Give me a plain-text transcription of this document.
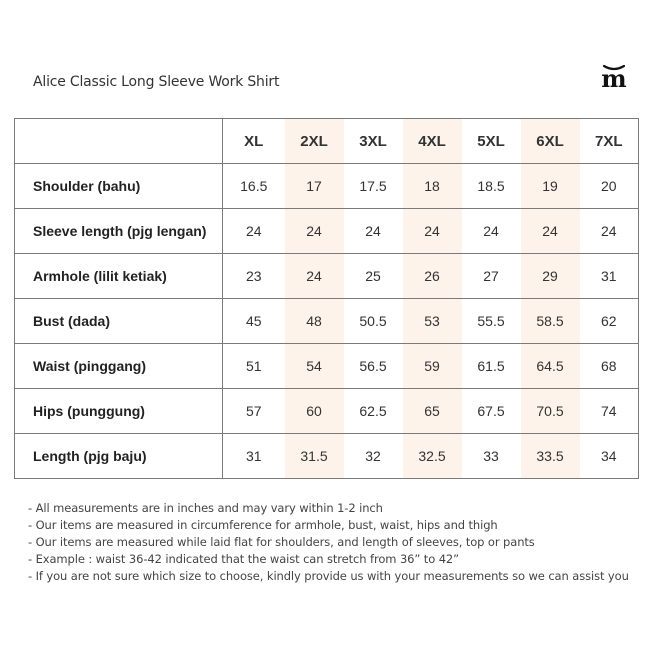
Alice Classic Long Sleeve Work Shirt	m
	XL	2XL	3XL	4XL	5XL	6XL	7XL
Shoulder (bahu)	16.5	17	17.5	18	18.5	19	20
Sleeve length (pjg lengan)	24	24	24	24	24	24	24
Armhole (lilit ketiak)	23	24	25	26	27	29	31
Bust (dada)	45	48	50.5	53	55.5	58.5	62
Waist (pinggang)	51	54	56.5	59	61.5	64.5	68
Hips (punggung)	57	60	62.5	65	67.5	70.5	74
Length (pjg baju)	31	31.5	32	32.5	33	33.5	34
- All measurements are in inches and may vary within 1-2 inch
- Our items are measured in circumference for armhole, bust, waist, hips and thigh
- Our items are measured while laid flat for shoulders, and length of sleeves, top or pants
- Example : waist 36-42 indicated that the waist can stretch from 36” to 42”
- If you are not sure which size to choose, kindly provide us with your measurements so we can assist you
